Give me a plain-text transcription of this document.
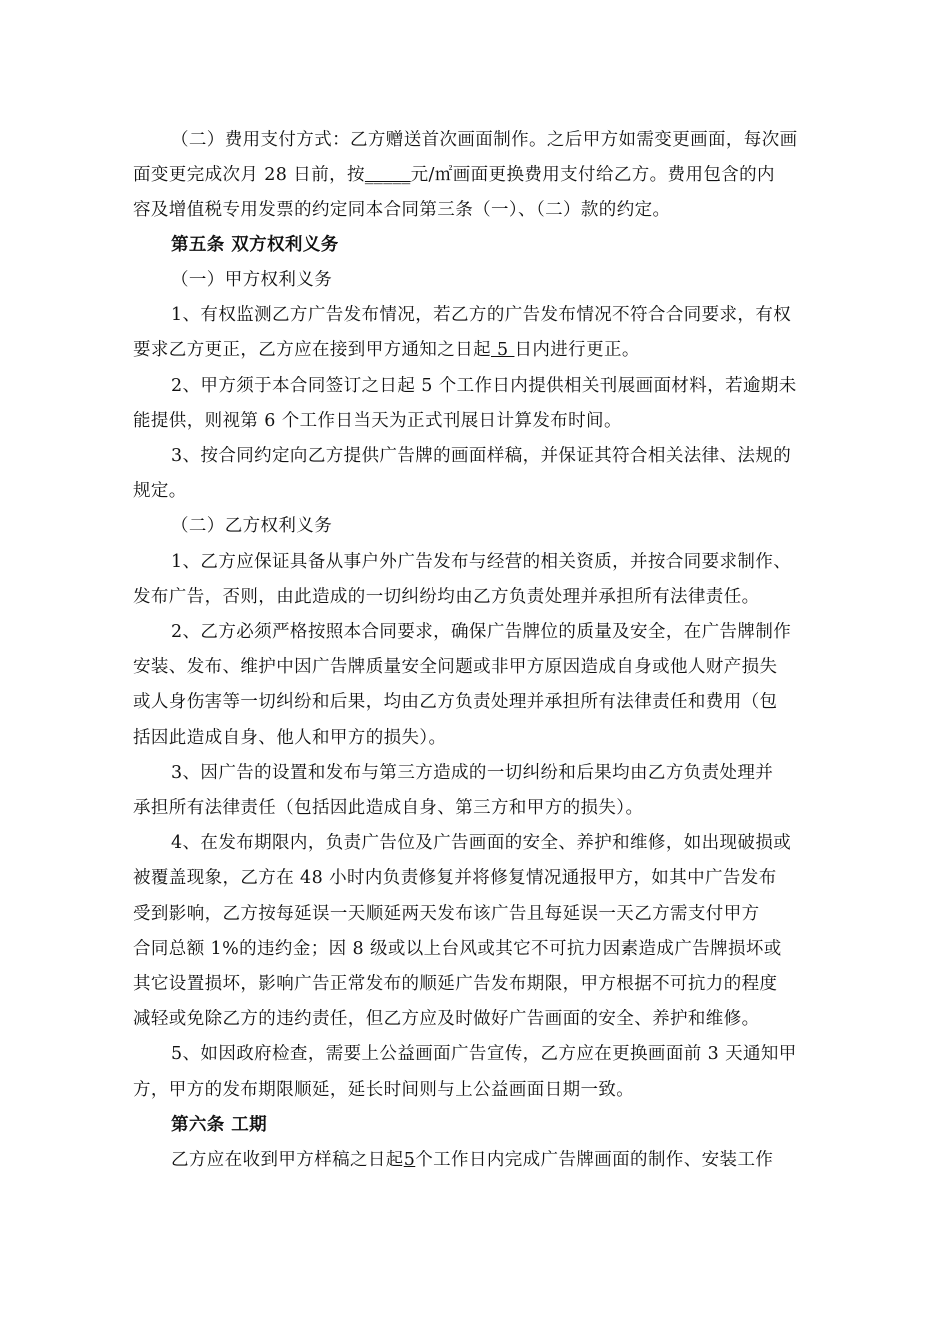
（二）费用支付方式：乙方赠送首次画面制作。之后甲方如需变更画面，每次画
面变更完成次月 28 日前，按_____元/㎡画面更换费用支付给乙方。费用包含的内
容及增值税专用发票的约定同本合同第三条（一）、（二）款的约定。
第五条 双方权利义务
（一）甲方权利义务
1、有权监测乙方广告发布情况，若乙方的广告发布情况不符合合同要求，有权
要求乙方更正，乙方应在接到甲方通知之日起 5 日内进行更正。
2、甲方须于本合同签订之日起 5 个工作日内提供相关刊展画面材料，若逾期未
能提供，则视第 6 个工作日当天为正式刊展日计算发布时间。
3、按合同约定向乙方提供广告牌的画面样稿，并保证其符合相关法律、法规的
规定。
（二）乙方权利义务
1、乙方应保证具备从事户外广告发布与经营的相关资质，并按合同要求制作、
发布广告，否则，由此造成的一切纠纷均由乙方负责处理并承担所有法律责任。
2、乙方必须严格按照本合同要求，确保广告牌位的质量及安全，在广告牌制作
安装、发布、维护中因广告牌质量安全问题或非甲方原因造成自身或他人财产损失
或人身伤害等一切纠纷和后果，均由乙方负责处理并承担所有法律责任和费用（包
括因此造成自身、他人和甲方的损失）。
3、因广告的设置和发布与第三方造成的一切纠纷和后果均由乙方负责处理并
承担所有法律责任（包括因此造成自身、第三方和甲方的损失）。
4、在发布期限内，负责广告位及广告画面的安全、养护和维修，如出现破损或
被覆盖现象，乙方在 48 小时内负责修复并将修复情况通报甲方，如其中广告发布
受到影响，乙方按每延误一天顺延两天发布该广告且每延误一天乙方需支付甲方
合同总额 1%的违约金；因 8 级或以上台风或其它不可抗力因素造成广告牌损坏或
其它设置损坏，影响广告正常发布的顺延广告发布期限，甲方根据不可抗力的程度
减轻或免除乙方的违约责任，但乙方应及时做好广告画面的安全、养护和维修。
5、如因政府检查，需要上公益画面广告宣传，乙方应在更换画面前 3 天通知甲
方，甲方的发布期限顺延，延长时间则与上公益画面日期一致。
第六条 工期
乙方应在收到甲方样稿之日起5个工作日内完成广告牌画面的制作、安装工作
